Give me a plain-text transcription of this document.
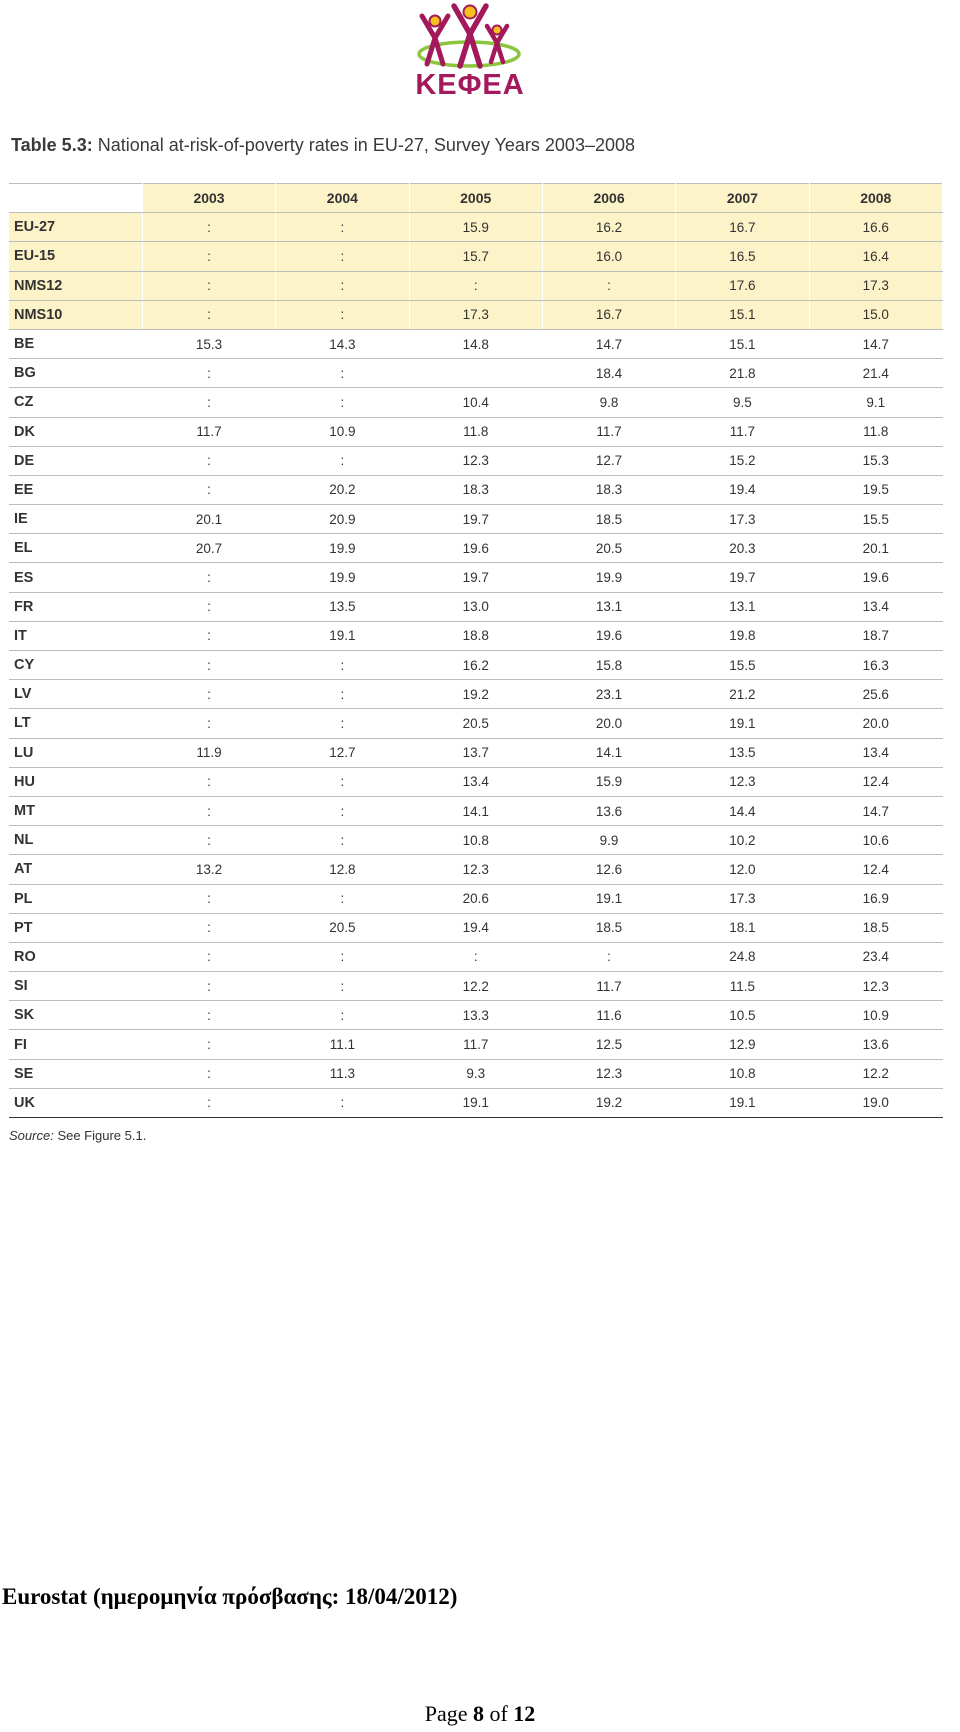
ΚΕΦΕΑ
Table 5.3: National at-risk-of-poverty rates in EU-27, Survey Years 2003–2008
	2003	2004	2005	2006	2007	2008
EU-27	:	:	15.9	16.2	16.7	16.6
EU-15	:	:	15.7	16.0	16.5	16.4
NMS12	:	:	:	:	17.6	17.3
NMS10	:	:	17.3	16.7	15.1	15.0
BE	15.3	14.3	14.8	14.7	15.1	14.7
BG	:	:		18.4	21.8	21.4
CZ	:	:	10.4	9.8	9.5	9.1
DK	11.7	10.9	11.8	11.7	11.7	11.8
DE	:	:	12.3	12.7	15.2	15.3
EE	:	20.2	18.3	18.3	19.4	19.5
IE	20.1	20.9	19.7	18.5	17.3	15.5
EL	20.7	19.9	19.6	20.5	20.3	20.1
ES	:	19.9	19.7	19.9	19.7	19.6
FR	:	13.5	13.0	13.1	13.1	13.4
IT	:	19.1	18.8	19.6	19.8	18.7
CY	:	:	16.2	15.8	15.5	16.3
LV	:	:	19.2	23.1	21.2	25.6
LT	:	:	20.5	20.0	19.1	20.0
LU	11.9	12.7	13.7	14.1	13.5	13.4
HU	:	:	13.4	15.9	12.3	12.4
MT	:	:	14.1	13.6	14.4	14.7
NL	:	:	10.8	9.9	10.2	10.6
AT	13.2	12.8	12.3	12.6	12.0	12.4
PL	:	:	20.6	19.1	17.3	16.9
PT	:	20.5	19.4	18.5	18.1	18.5
RO	:	:	:	:	24.8	23.4
SI	:	:	12.2	11.7	11.5	12.3
SK	:	:	13.3	11.6	10.5	10.9
FI	:	11.1	11.7	12.5	12.9	13.6
SE	:	11.3	9.3	12.3	10.8	12.2
UK	:	:	19.1	19.2	19.1	19.0
Source: See Figure 5.1.
Eurostat (ημερομηνία πρόσβασης: 18/04/2012)
Page 8 of 12
